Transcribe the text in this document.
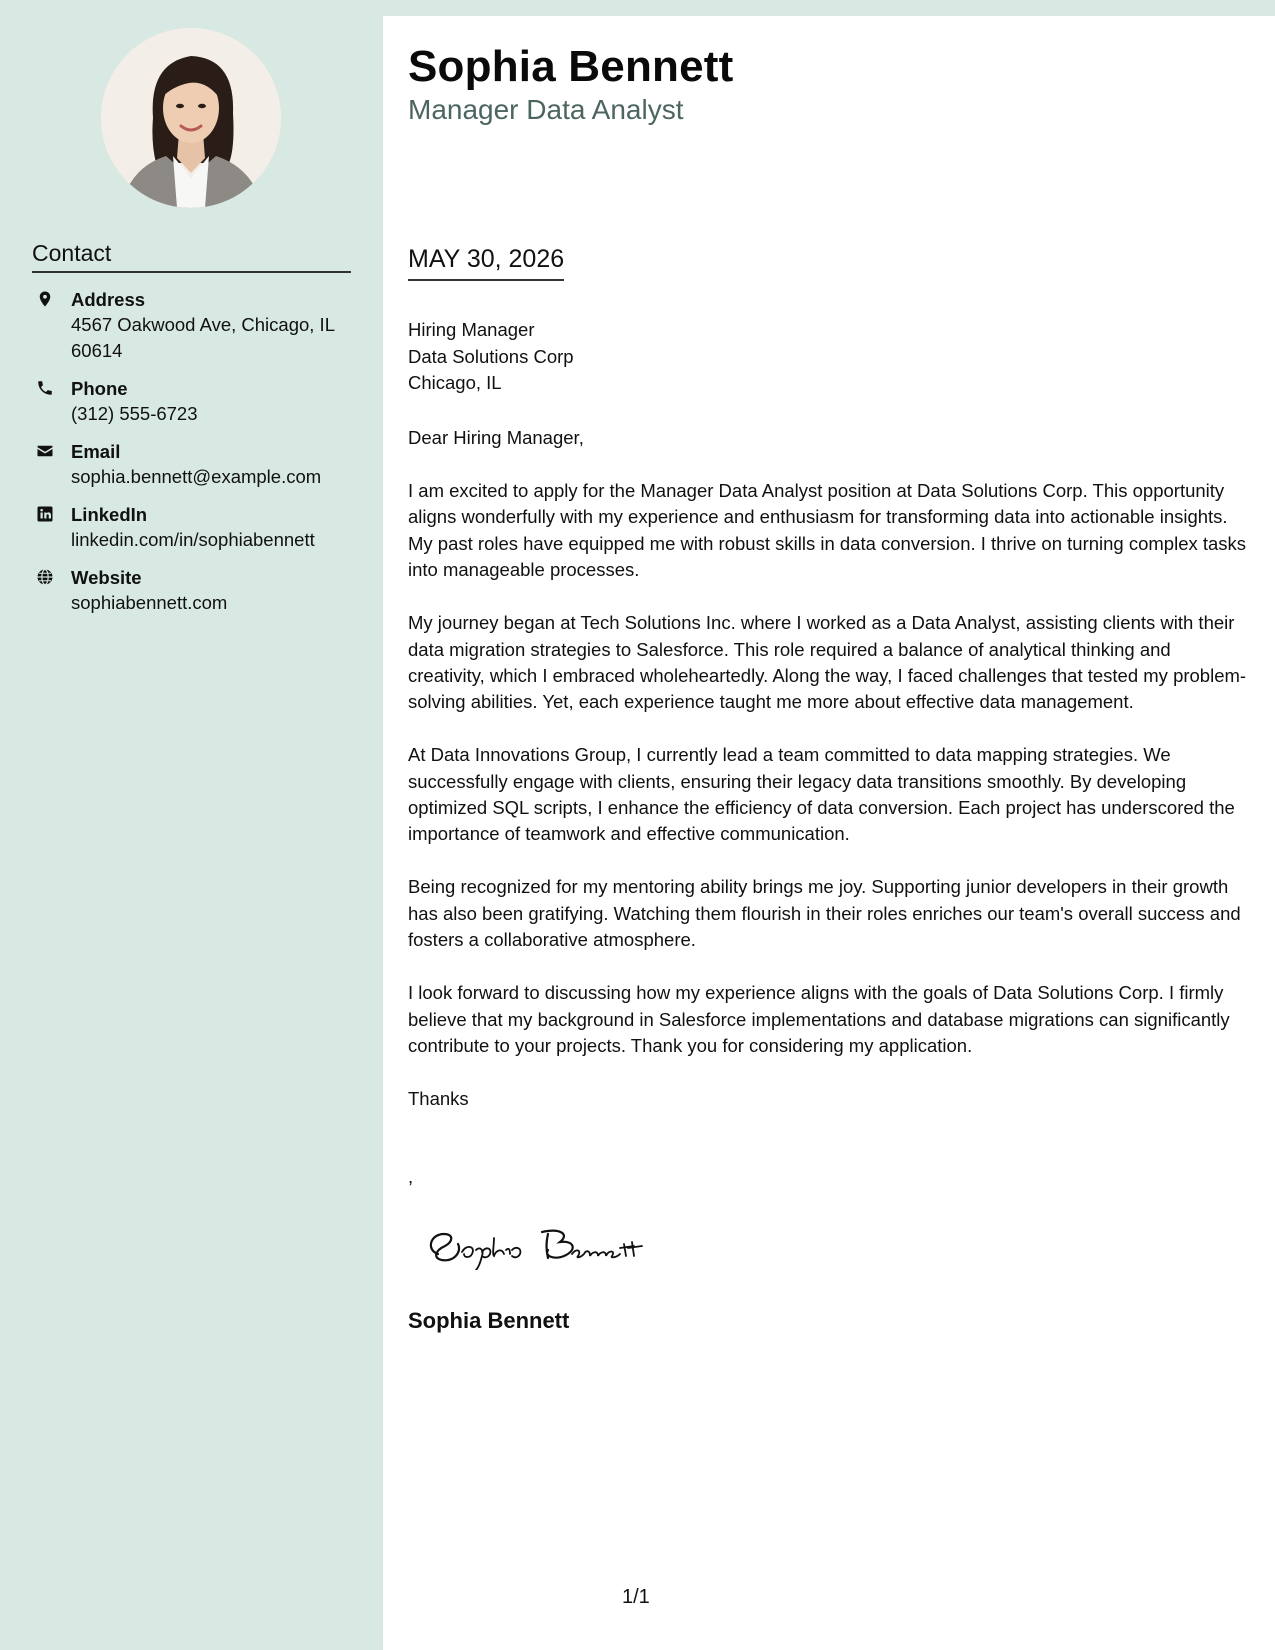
Contact
Address
4567 Oakwood Ave, Chicago, IL 60614
Phone
(312) 555-6723
Email
sophia.bennett@example.com
LinkedIn
linkedin.com/in/sophiabennett
Website
sophiabennett.com
Sophia Bennett
Manager Data Analyst
MAY 30, 2026
Hiring Manager
Data Solutions Corp
Chicago, IL
Dear Hiring Manager,

I am excited to apply for the Manager Data Analyst position at Data Solutions Corp. This opportunity aligns wonderfully with my experience and enthusiasm for transforming data into actionable insights. My past roles have equipped me with robust skills in data conversion. I thrive on turning complex tasks into manageable processes.

My journey began at Tech Solutions Inc. where I worked as a Data Analyst, assisting clients with their data migration strategies to Salesforce. This role required a balance of analytical thinking and creativity, which I embraced wholeheartedly. Along the way, I faced challenges that tested my problem-solving abilities. Yet, each experience taught me more about effective data management.

At Data Innovations Group, I currently lead a team committed to data mapping strategies. We successfully engage with clients, ensuring their legacy data transitions smoothly. By developing optimized SQL scripts, I enhance the efficiency of data conversion. Each project has underscored the importance of teamwork and effective communication.

Being recognized for my mentoring ability brings me joy. Supporting junior developers in their growth has also been gratifying. Watching them flourish in their roles enriches our team's overall success and fosters a collaborative atmosphere.

I look forward to discussing how my experience aligns with the goals of Data Solutions Corp. I firmly believe that my background in Salesforce implementations and database migrations can significantly contribute to your projects. Thank you for considering my application.

Thanks
,
Sophia Bennett
1/1
